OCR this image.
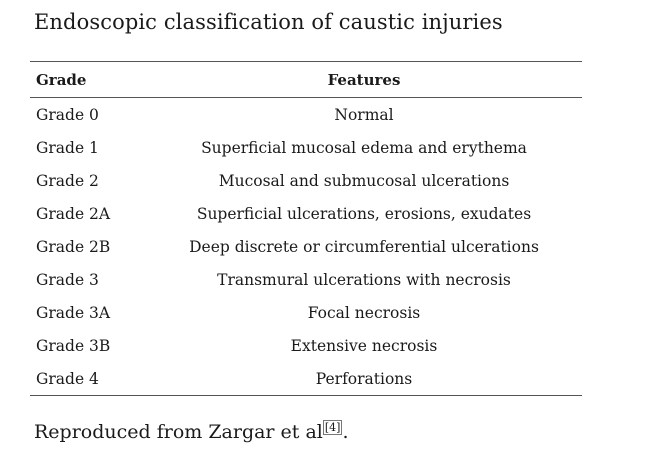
Endoscopic classification of caustic injuries
Grade	Features
Grade 0	Normal
Grade 1	Superficial mucosal edema and erythema
Grade 2	Mucosal and submucosal ulcerations
Grade 2A	Superficial ulcerations, erosions, exudates
Grade 2B	Deep discrete or circumferential ulcerations
Grade 3	Transmural ulcerations with necrosis
Grade 3A	Focal necrosis
Grade 3B	Extensive necrosis
Grade 4	Perforations
Reproduced from Zargar et al [4] .
